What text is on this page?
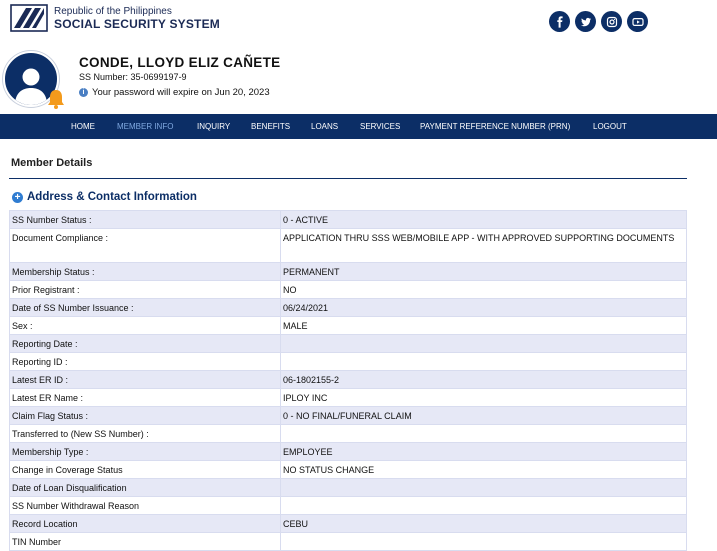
Republic of the Philippines
SOCIAL SECURITY SYSTEM
CONDE, LLOYD ELIZ CAÑETE
SS Number: 35-0699197-9
i Your password will expire on Jun 20, 2023
HOME	MEMBER INFO	INQUIRY	BENEFITS	LOANS	SERVICES PAYMENT REFERENCE NUMBER (PRN)	LOGOUT
Member Details
+ Address & Contact Information
SS Number Status :	0 - ACTIVE
Document Compliance :	APPLICATION THRU SSS WEB/MOBILE APP - WITH APPROVED SUPPORTING DOCUMENTS
Membership Status :	PERMANENT
Prior Registrant :	NO
Date of SS Number Issuance :	06/24/2021
Sex :	MALE
Reporting Date :	
Reporting ID :	
Latest ER ID :	06-1802155-2
Latest ER Name :	IPLOY INC
Claim Flag Status :	0 - NO FINAL/FUNERAL CLAIM
Transferred to (New SS Number) :	
Membership Type :	EMPLOYEE
Change in Coverage Status	NO STATUS CHANGE
Date of Loan Disqualification	
SS Number Withdrawal Reason	
Record Location	CEBU
TIN Number	
